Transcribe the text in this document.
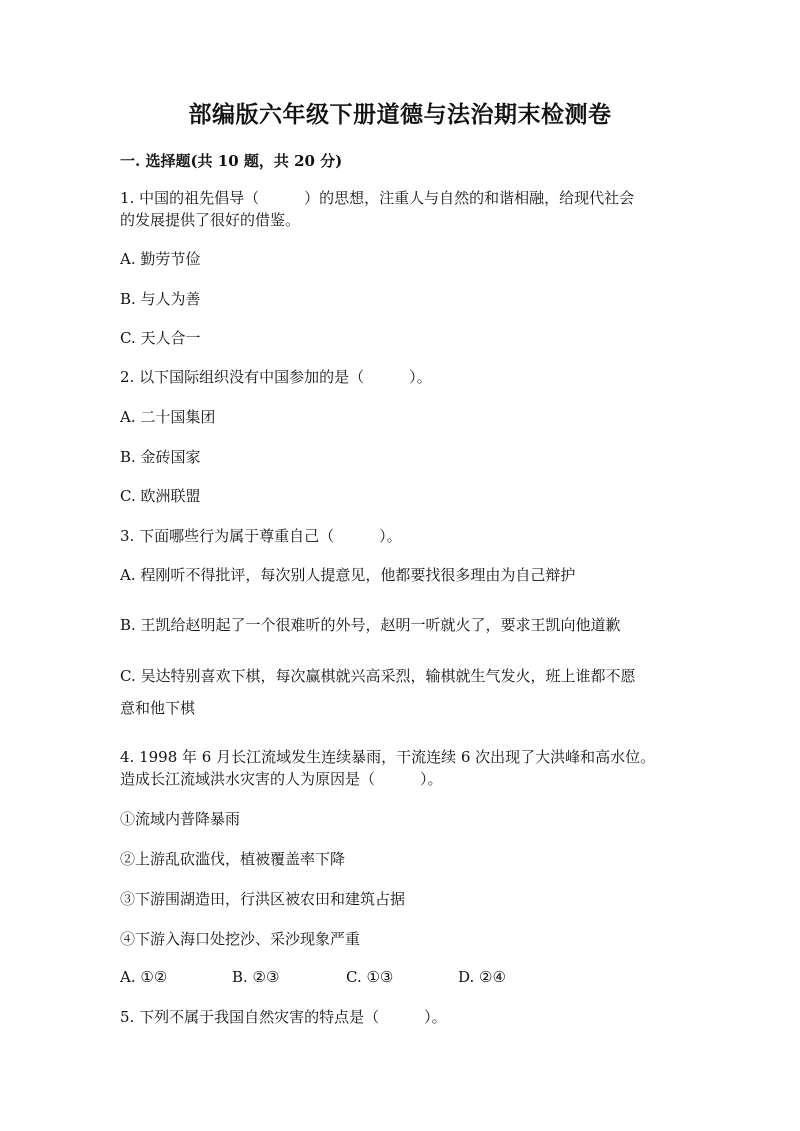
部编版六年级下册道德与法治期末检测卷
一. 选择题(共 10 题，共 20 分)
1. 中国的祖先倡导（　　　）的思想，注重人与自然的和谐相融，给现代社会
的发展提供了很好的借鉴。
A. 勤劳节俭
B. 与人为善
C. 天人合一
2. 以下国际组织没有中国参加的是（　　　）。
A. 二十国集团
B. 金砖国家
C. 欧洲联盟
3. 下面哪些行为属于尊重自己（　　　）。
A. 程刚听不得批评，每次别人提意见，他都要找很多理由为自己辩护
B. 王凯给赵明起了一个很难听的外号，赵明一听就火了，要求王凯向他道歉
C. 吴达特别喜欢下棋，每次赢棋就兴高采烈，输棋就生气发火，班上谁都不愿
意和他下棋
4. 1998 年 6 月长江流域发生连续暴雨，干流连续 6 次出现了大洪峰和高水位。
造成长江流域洪水灾害的人为原因是（　　　）。
①流域内普降暴雨
②上游乱砍滥伐，植被覆盖率下降
③下游围湖造田，行洪区被农田和建筑占据
④下游入海口处挖沙、采沙现象严重
A. ①②	B. ②③	C. ①③	D. ②④
5. 下列不属于我国自然灾害的特点是（　　　）。
